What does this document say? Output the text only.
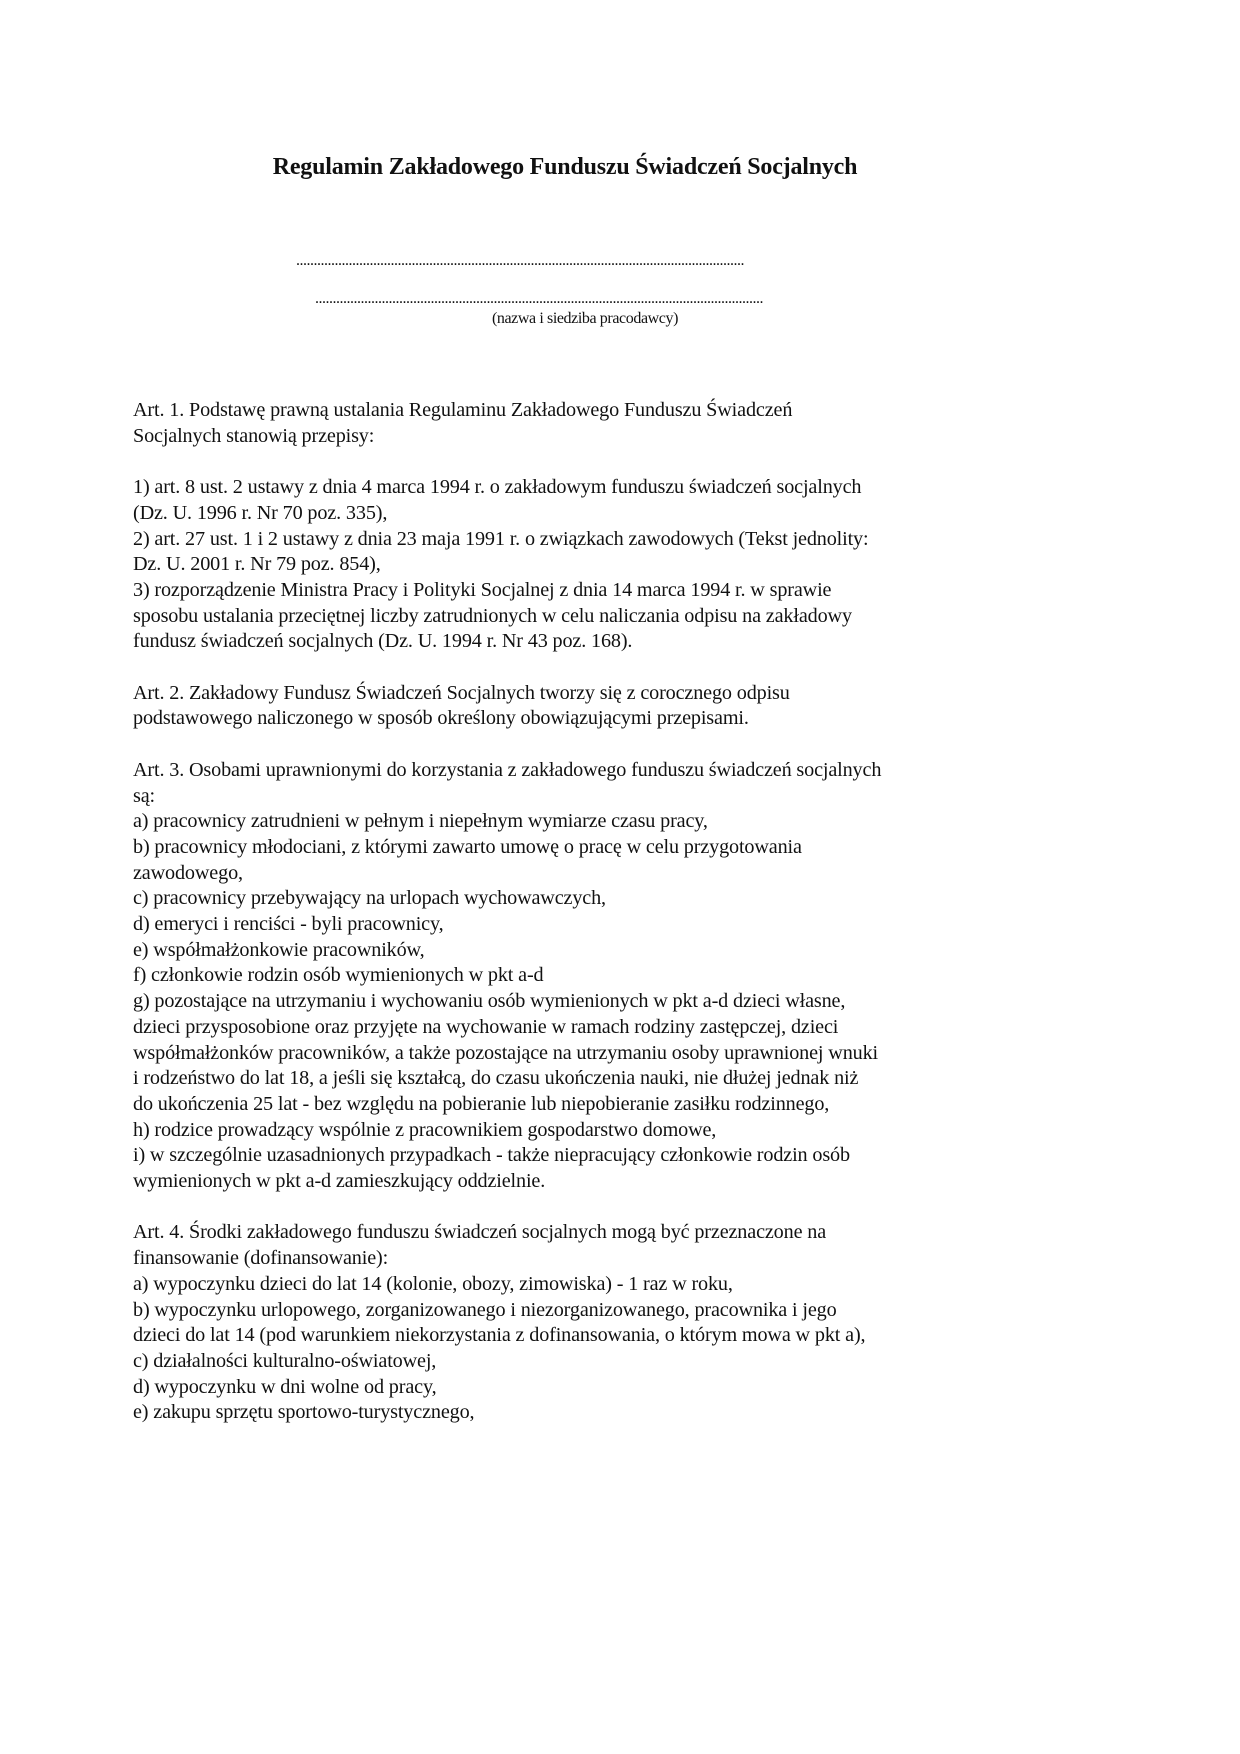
Regulamin Zakładowego Funduszu Świadczeń Socjalnych
................................................................................................................................
................................................................................................................................
(nazwa i siedziba pracodawcy)
Art. 1. Podstawę prawną ustalania Regulaminu Zakładowego Funduszu Świadczeń
Socjalnych stanowią przepisy:
1) art. 8 ust. 2 ustawy z dnia 4 marca 1994 r. o zakładowym funduszu świadczeń socjalnych
(Dz. U. 1996 r. Nr 70 poz. 335),
2) art. 27 ust. 1 i 2 ustawy z dnia 23 maja 1991 r. o związkach zawodowych (Tekst jednolity:
Dz. U. 2001 r. Nr 79 poz. 854),
3) rozporządzenie Ministra Pracy i Polityki Socjalnej z dnia 14 marca 1994 r. w sprawie
sposobu ustalania przeciętnej liczby zatrudnionych w celu naliczania odpisu na zakładowy
fundusz świadczeń socjalnych (Dz. U. 1994 r. Nr 43 poz. 168).
Art. 2. Zakładowy Fundusz Świadczeń Socjalnych tworzy się z corocznego odpisu
podstawowego naliczonego w sposób określony obowiązującymi przepisami.
Art. 3. Osobami uprawnionymi do korzystania z zakładowego funduszu świadczeń socjalnych
są:
a) pracownicy zatrudnieni w pełnym i niepełnym wymiarze czasu pracy,
b) pracownicy młodociani, z którymi zawarto umowę o pracę w celu przygotowania
zawodowego,
c) pracownicy przebywający na urlopach wychowawczych,
d) emeryci i renciści - byli pracownicy,
e) współmałżonkowie pracowników,
f) członkowie rodzin osób wymienionych w pkt a-d
g) pozostające na utrzymaniu i wychowaniu osób wymienionych w pkt a-d dzieci własne,
dzieci przysposobione oraz przyjęte na wychowanie w ramach rodziny zastępczej, dzieci
współmałżonków pracowników, a także pozostające na utrzymaniu osoby uprawnionej wnuki
i rodzeństwo do lat 18, a jeśli się kształcą, do czasu ukończenia nauki, nie dłużej jednak niż
do ukończenia 25 lat - bez względu na pobieranie lub niepobieranie zasiłku rodzinnego,
h) rodzice prowadzący wspólnie z pracownikiem gospodarstwo domowe,
i) w szczególnie uzasadnionych przypadkach - także niepracujący członkowie rodzin osób
wymienionych w pkt a-d zamieszkujący oddzielnie.
Art. 4. Środki zakładowego funduszu świadczeń socjalnych mogą być przeznaczone na
finansowanie (dofinansowanie):
a) wypoczynku dzieci do lat 14 (kolonie, obozy, zimowiska) - 1 raz w roku,
b) wypoczynku urlopowego, zorganizowanego i niezorganizowanego, pracownika i jego
dzieci do lat 14 (pod warunkiem niekorzystania z dofinansowania, o którym mowa w pkt a),
c) działalności kulturalno-oświatowej,
d) wypoczynku w dni wolne od pracy,
e) zakupu sprzętu sportowo-turystycznego,
